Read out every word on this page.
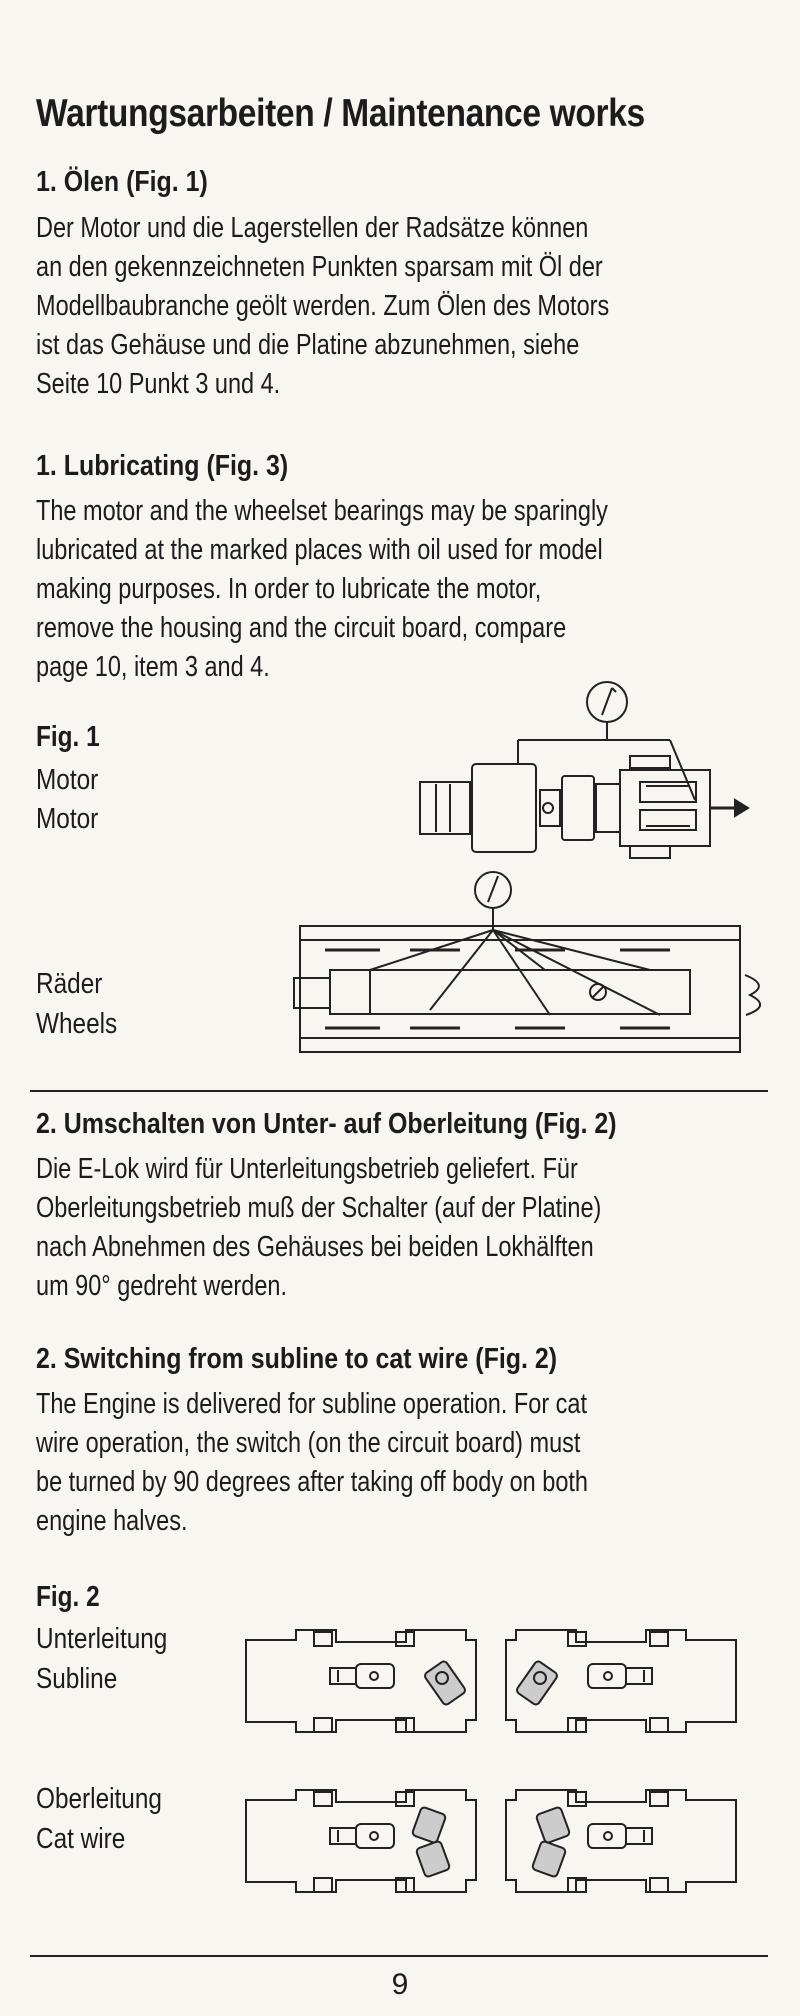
Wartungsarbeiten / Maintenance works
1. Ölen (Fig. 1)

Der Motor und die Lagerstellen der Radsätze können
an den gekennzeichneten Punkten sparsam mit Öl der
Modellbaubranche geölt werden. Zum Ölen des Motors
ist das Gehäuse und die Platine abzunehmen, siehe
Seite 10 Punkt 3 und 4.

1. Lubricating (Fig. 3)

The motor and the wheelset bearings may be sparingly
lubricated at the marked places with oil used for model
making purposes. In order to lubricate the motor,
remove the housing and the circuit board, compare
page 10, item 3 and 4.

Fig. 1
Motor
Motor
Räder
Wheels
2. Umschalten von Unter- auf Oberleitung (Fig. 2)

Die E-Lok wird für Unterleitungsbetrieb geliefert. Für
Oberleitungsbetrieb muß der Schalter (auf der Platine)
nach Abnehmen des Gehäuses bei beiden Lokhälften
um 90° gedreht werden.

2. Switching from subline to cat wire (Fig. 2)

The Engine is delivered for subline operation. For cat
wire operation, the switch (on the circuit board) must
be turned by 90 degrees after taking off body on both
engine halves.

Fig. 2
Unterleitung
Subline
Oberleitung
Cat wire
9
